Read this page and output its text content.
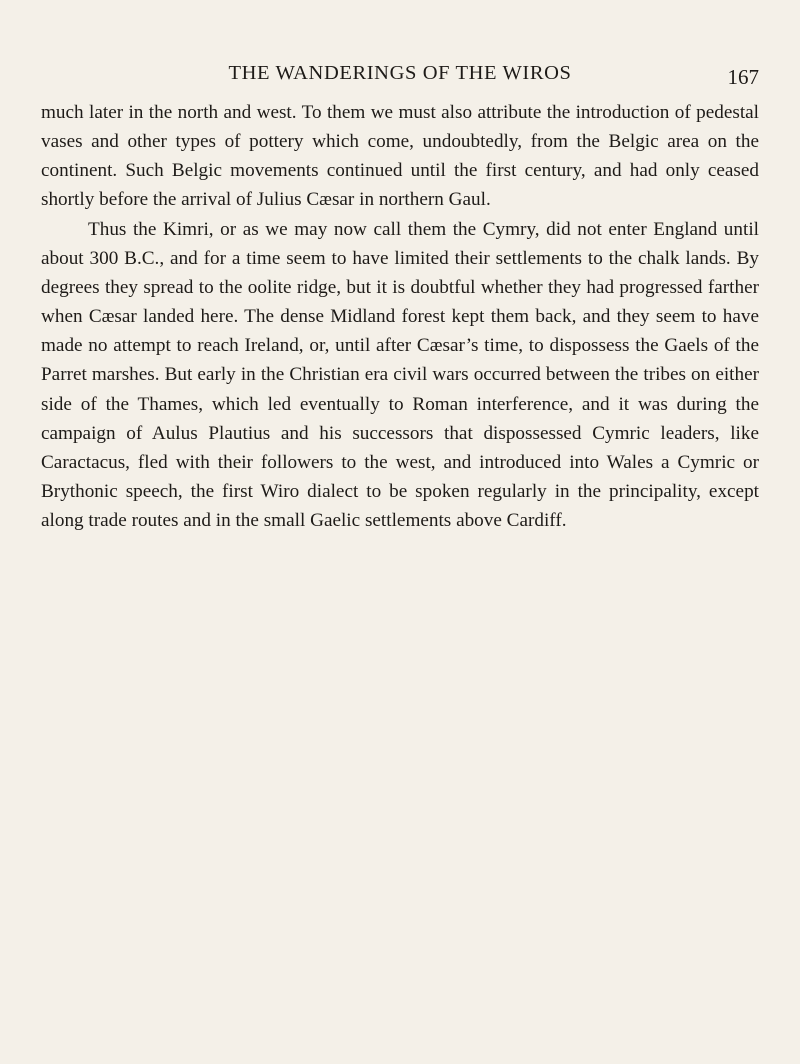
THE WANDERINGS OF THE WIROS	167

much later in the north and west. To them we must also attribute the introduction of pedestal vases and other types of pottery which come, undoubtedly, from the Belgic area on the continent. Such Belgic movements continued until the first century, and had only ceased shortly before the arrival of Julius Cæsar in northern Gaul.

Thus the Kimri, or as we may now call them the Cymry, did not enter England until about 300 B.C., and for a time seem to have limited their settlements to the chalk lands. By degrees they spread to the oolite ridge, but it is doubtful whether they had progressed farther when Cæsar landed here. The dense Midland forest kept them back, and they seem to have made no attempt to reach Ireland, or, until after Cæsar’s time, to dispossess the Gaels of the Parret marshes. But early in the Christian era civil wars occurred between the tribes on either side of the Thames, which led eventually to Roman interference, and it was during the campaign of Aulus Plautius and his successors that dispossessed Cymric leaders, like Caractacus, fled with their followers to the west, and introduced into Wales a Cymric or Brythonic speech, the first Wiro dialect to be spoken regularly in the principality, except along trade routes and in the small Gaelic settlements above Cardiff.
